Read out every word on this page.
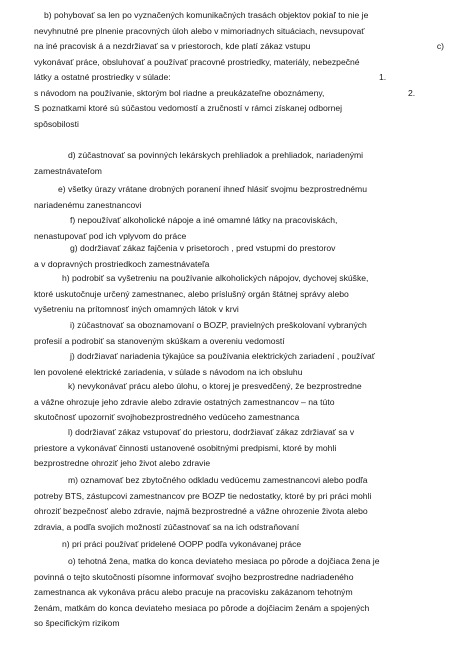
b) pohybovať sa len po vyznačených komunikačných trasách objektov pokiaľ to nie je
nevyhnutné pre plnenie pracovných úloh alebo v mimoriadnych situáciach, nevsupovať
na iné pracovisk á a nezdržiavať sa v priestoroch, kde platí zákaz vstupu	c)
vykonávať práce, obsluhovať a používať pracovné prostriedky, materiály, nebezpečné
látky a ostatné prostriedky v súlade:	1.
s návodom na používanie, sktorým bol riadne a preukázateľne oboznámeny,	2.
S poznatkami ktoré sú súčastou vedomostí a zručností v rámci získanej odbornej
spôsobilosti
d) zúčastnovať sa povinných lekárskych prehliadok a prehliadok, nariadenými
zamestnávateľom
e) všetky úrazy vrátane drobných poranení ihneď hlásiť svojmu bezprostrednému
nariadenému zanestnancovi
f) nepoužívať alkoholické nápoje a iné omamné látky na pracoviskách,
nenastupovať pod ich vplyvom do práce
g) dodržiavať zákaz fajčenia v prisetoroch , pred vstupmi do prestorov
a v dopravných prostriedkoch zamestnávateľa
h) podrobiť sa vyšetreniu na používanie alkoholických nápojov, dychovej skúške,
ktoré uskutočnuje určený zamestnanec, alebo príslušný orgán štátnej správy alebo
vyšetreniu na prítomnosť iných omamných látok v krvi
i) zúčastnovať sa oboznamovaní o BOZP, pravielných preškolovaní vybraných
profesií a podrobiť sa stanoveným skúškam a overeniu vedomostí
j) dodržiavať nariadenia týkajúce sa používania elektrických zariadení , používať
len povolené elektrické zariadenia, v súlade s návodom na ich obsluhu
k) nevykonávať prácu alebo úlohu, o ktorej je presvedčený, že bezprostredne
a vážne ohrozuje jeho zdravie alebo zdravie ostatných zamestnancov – na túto
skutočnosť upozorniť svojhobezprostredného vedúceho zamestnanca
l) dodržiavať zákaz vstupovať do priestoru, dodržiavať zákaz zdržiavať sa v
priestore a vykonávať činnosti ustanovené osobitnými predpismi, ktoré by mohli
bezprostredne ohroziť jeho život alebo zdravie
m) oznamovať bez zbytočného odkladu vedúcemu zamestnancovi alebo podľa
potreby BTS, zástupcovi zamestnancov pre BOZP tie nedostatky, ktoré by pri práci mohli
ohroziť bezpečnosť alebo zdravie, najmä bezprostredné a vážne ohrozenie života alebo
zdravia, a podľa svojich možností zúčastnovať sa na ich odstraňovaní
n) pri práci používať pridelené OOPP podľa vykonávanej práce
o) tehotná žena, matka do konca deviateho mesiaca po pôrode a dojčiaca žena je
povinná o tejto skutočnosti písomne informovať svojho bezprostredne nadriadeného
zamestnanca ak vykonáva prácu alebo pracuje na pracovisku zakázanom tehotným
ženám, matkám do konca deviateho mesiaca po pôrode a dojčiacim ženám a spojených
so špecifickým rizikom
